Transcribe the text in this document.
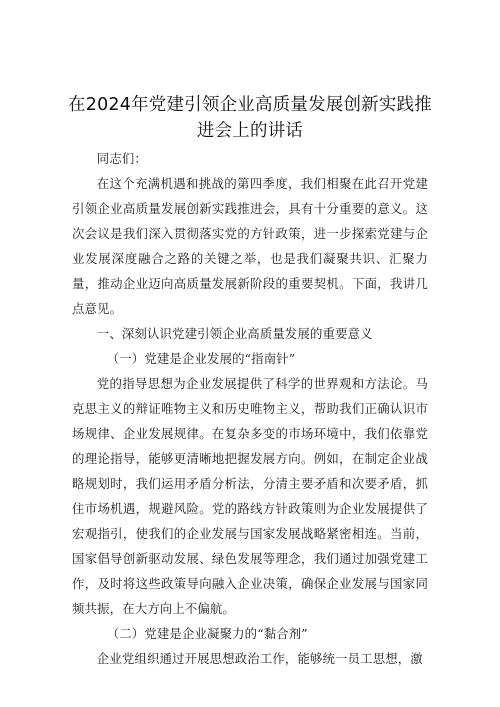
在2024年党建引领企业高质量发展创新实践推
进会上的讲话

同志们：

在这个充满机遇和挑战的第四季度，我们相聚在此召开党建引领企业高质量发展创新实践推进会，具有十分重要的意义。这次会议是我们深入贯彻落实党的方针政策，进一步探索党建与企业发展深度融合之路的关键之举，也是我们凝聚共识、汇聚力量，推动企业迈向高质量发展新阶段的重要契机。下面，我讲几点意见。

一、深刻认识党建引领企业高质量发展的重要意义

（一）党建是企业发展的“指南针”

党的指导思想为企业发展提供了科学的世界观和方法论。马克思主义的辩证唯物主义和历史唯物主义，帮助我们正确认识市场规律、企业发展规律。在复杂多变的市场环境中，我们依靠党的理论指导，能够更清晰地把握发展方向。例如，在制定企业战略规划时，我们运用矛盾分析法，分清主要矛盾和次要矛盾，抓住市场机遇，规避风险。党的路线方针政策则为企业发展提供了宏观指引，使我们的企业发展与国家发展战略紧密相连。当前，国家倡导创新驱动发展、绿色发展等理念，我们通过加强党建工作，及时将这些政策导向融入企业决策，确保企业发展与国家同频共振，在大方向上不偏航。

（二）党建是企业凝聚力的“黏合剂”

企业党组织通过开展思想政治工作，能够统一员工思想，激
